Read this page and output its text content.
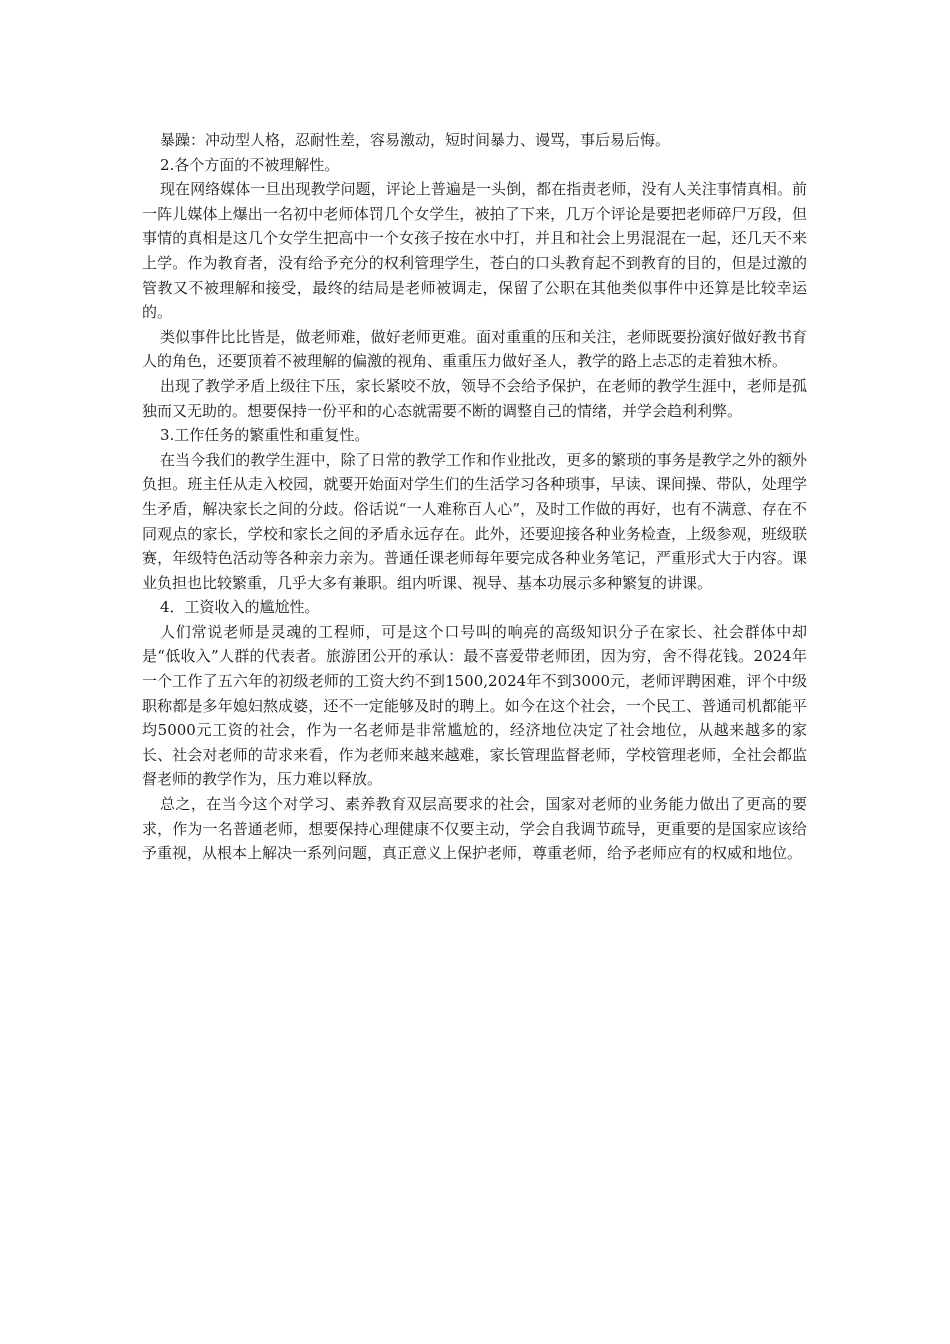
暴躁：冲动型人格，忍耐性差，容易激动，短时间暴力、谩骂，事后易后悔。

2.各个方面的不被理解性。

现在网络媒体一旦出现教学问题，评论上普遍是一头倒，都在指责老师，没有人关注事情真相。前一阵儿媒体上爆出一名初中老师体罚几个女学生，被拍了下来，几万个评论是要把老师碎尸万段，但事情的真相是这几个女学生把高中一个女孩子按在水中打，并且和社会上男混混在一起，还几天不来上学。作为教育者，没有给予充分的权利管理学生，苍白的口头教育起不到教育的目的，但是过激的管教又不被理解和接受，最终的结局是老师被调走，保留了公职在其他类似事件中还算是比较幸运的。

类似事件比比皆是，做老师难，做好老师更难。面对重重的压和关注，老师既要扮演好做好教书育人的角色，还要顶着不被理解的偏激的视角、重重压力做好圣人，教学的路上忐忑的走着独木桥。

出现了教学矛盾上级往下压，家长紧咬不放，领导不会给予保护，在老师的教学生涯中，老师是孤独而又无助的。想要保持一份平和的心态就需要不断的调整自己的情绪，并学会趋利利弊。

3.工作任务的繁重性和重复性。

在当今我们的教学生涯中，除了日常的教学工作和作业批改，更多的繁琐的事务是教学之外的额外负担。班主任从走入校园，就要开始面对学生们的生活学习各种琐事，早读、课间操、带队，处理学生矛盾，解决家长之间的分歧。俗话说“一人难称百人心”，及时工作做的再好，也有不满意、存在不同观点的家长，学校和家长之间的矛盾永远存在。此外，还要迎接各种业务检查，上级参观，班级联赛，年级特色活动等各种亲力亲为。普通任课老师每年要完成各种业务笔记，严重形式大于内容。课业负担也比较繁重，几乎大多有兼职。组内听课、视导、基本功展示多种繁复的讲课。

4．工资收入的尴尬性。

人们常说老师是灵魂的工程师，可是这个口号叫的响亮的高级知识分子在家长、社会群体中却是“低收入”人群的代表者。旅游团公开的承认：最不喜爱带老师团，因为穷，舍不得花钱。2024年一个工作了五六年的初级老师的工资大约不到1500,2024年不到3000元，老师评聘困难，评个中级职称都是多年媳妇熬成婆，还不一定能够及时的聘上。如今在这个社会，一个民工、普通司机都能平均5000元工资的社会，作为一名老师是非常尴尬的，经济地位决定了社会地位，从越来越多的家长、社会对老师的苛求来看，作为老师来越来越难，家长管理监督老师，学校管理老师，全社会都监督老师的教学作为，压力难以释放。

总之，在当今这个对学习、素养教育双层高要求的社会，国家对老师的业务能力做出了更高的要求，作为一名普通老师，想要保持心理健康不仅要主动，学会自我调节疏导，更重要的是国家应该给予重视，从根本上解决一系列问题，真正意义上保护老师，尊重老师，给予老师应有的权威和地位。
